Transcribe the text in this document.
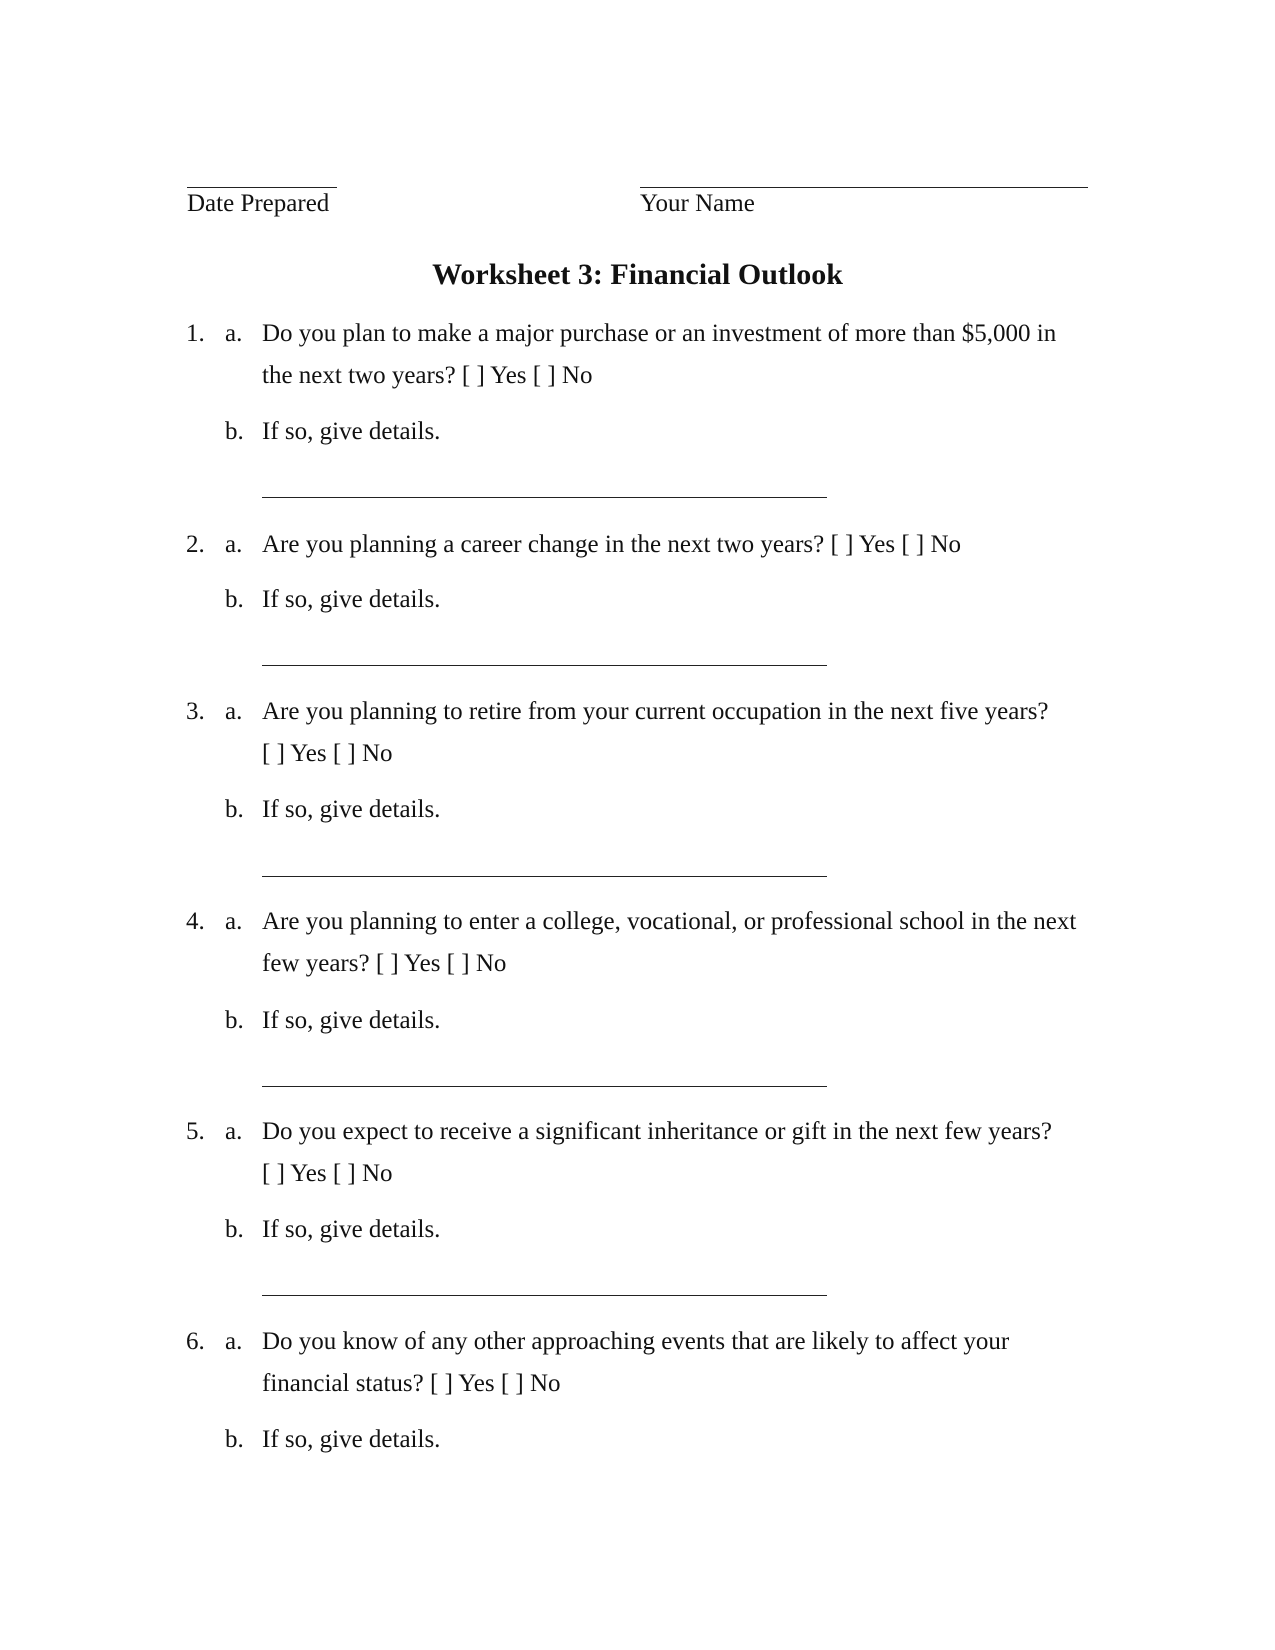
Date Prepared	Your Name
Worksheet 3: Financial Outlook
1. a. Do you plan to make a major purchase or an investment of more than $5,000 in
the next two years? [ ] Yes [ ] No
b. If so, give details.
2. a. Are you planning a career change in the next two years? [ ] Yes [ ] No
b. If so, give details.
3. a. Are you planning to retire from your current occupation in the next five years?
[ ] Yes [ ] No
b. If so, give details.
4. a. Are you planning to enter a college, vocational, or professional school in the next
few years? [ ] Yes [ ] No
b. If so, give details.
5. a. Do you expect to receive a significant inheritance or gift in the next few years?
[ ] Yes [ ] No
b. If so, give details.
6. a. Do you know of any other approaching events that are likely to affect your
financial status? [ ] Yes [ ] No
b. If so, give details.
